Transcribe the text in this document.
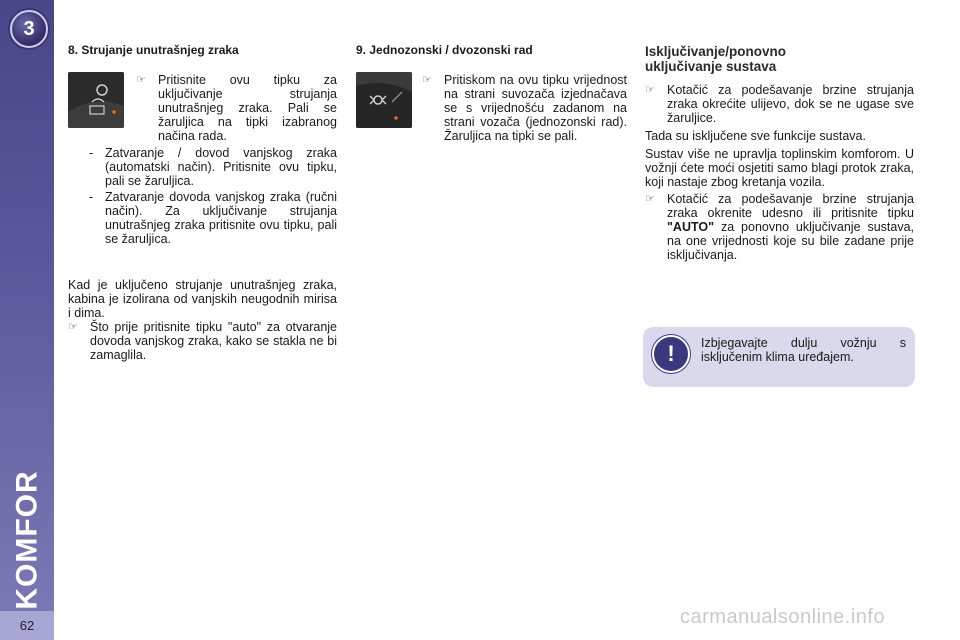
3
KOMFOR
62
8. Strujanje unutrašnjeg zraka
☞ Pritisnite ovu tipku za uključivanje strujanja unutrašnjeg zraka. Pali se žaruljica na tipki izabranog načina rada.
- Zatvaranje / dovod vanjskog zraka (automatski način). Pritisnite ovu tipku, pali se žaruljica.
- Zatvaranje dovoda vanjskog zraka (ručni način). Za uključivanje strujanja unutrašnjeg zraka pritisnite ovu tipku, pali se žaruljica.
Kad je uključeno strujanje unutrašnjeg zraka, kabina je izolirana od vanjskih neugodnih mirisa i dima.
☞ Što prije pritisnite tipku "auto" za otvaranje dovoda vanjskog zraka, kako se stakla ne bi zamaglila.
9. Jednozonski / dvozonski rad
☞ Pritiskom na ovu tipku vrijednost na strani suvozača izjednačava se s vrijednošću zadanom na strani vozača (jednozonski rad). Žaruljica na tipki se pali.
Isključivanje/ponovno
uključivanje sustava
☞ Kotačić za podešavanje brzine strujanja zraka okrećite ulijevo, dok se ne ugase sve žaruljice.

Tada su isključene sve funkcije sustava.

Sustav više ne upravlja toplinskim komforom. U vožnji ćete moći osjetiti samo blagi protok zraka, koji nastaje zbog kretanja vozila.

☞ Kotačić za podešavanje brzine strujanja zraka okrenite udesno ili pritisnite tipku "AUTO" za ponovno uključivanje sustava, na one vrijednosti koje su bile zadane prije isključivanja.
!	Izbjegavajte dulju vožnju s isključenim klima uređajem.
carmanualsonline.info
